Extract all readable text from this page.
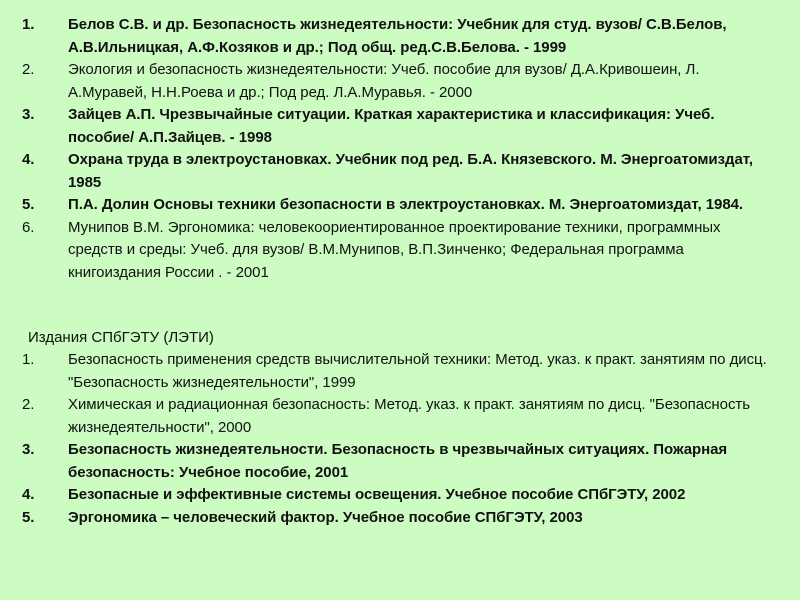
1. Белов С.В. и др. Безопасность жизнедеятельности: Учебник для студ. вузов/ С.В.Белов, А.В.Ильницкая, А.Ф.Козяков и др.; Под общ. ред.С.В.Белова. - 1999
2. Экология и безопасность жизнедеятельности: Учеб. пособие для вузов/ Д.А.Кривошеин, Л. А.Муравей, Н.Н.Роева и др.; Под ред. Л.А.Муравья. - 2000
3. Зайцев А.П. Чрезвычайные ситуации. Краткая характеристика и классификация: Учеб. пособие/ А.П.Зайцев. - 1998
4. Охрана труда в электроустановках. Учебник под ред. Б.А. Князевского. М. Энергоатомиздат, 1985
5. П.А. Долин Основы техники безопасности в электроустановках. М. Энергоатомиздат, 1984.
6. Мунипов В.М. Эргономика: человекоориентированное проектирование техники, программных средств и среды: Учеб. для вузов/ В.М.Мунипов, В.П.Зинченко; Федеральная программа книгоиздания России . - 2001
Издания СПбГЭТУ (ЛЭТИ)
1. Безопасность применения средств вычислительной техники: Метод. указ. к практ. занятиям по дисц. "Безопасность жизнедеятельности", 1999
2. Химическая и радиационная безопасность: Метод. указ. к практ. занятиям по дисц. "Безопасность жизнедеятельности", 2000
3. Безопасность жизнедеятельности. Безопасность в чрезвычайных ситуациях. Пожарная безопасность: Учебное пособие, 2001
4. Безопасные и эффективные системы освещения. Учебное пособие СПбГЭТУ, 2002
5. Эргономика – человеческий фактор. Учебное пособие СПбГЭТУ, 2003
